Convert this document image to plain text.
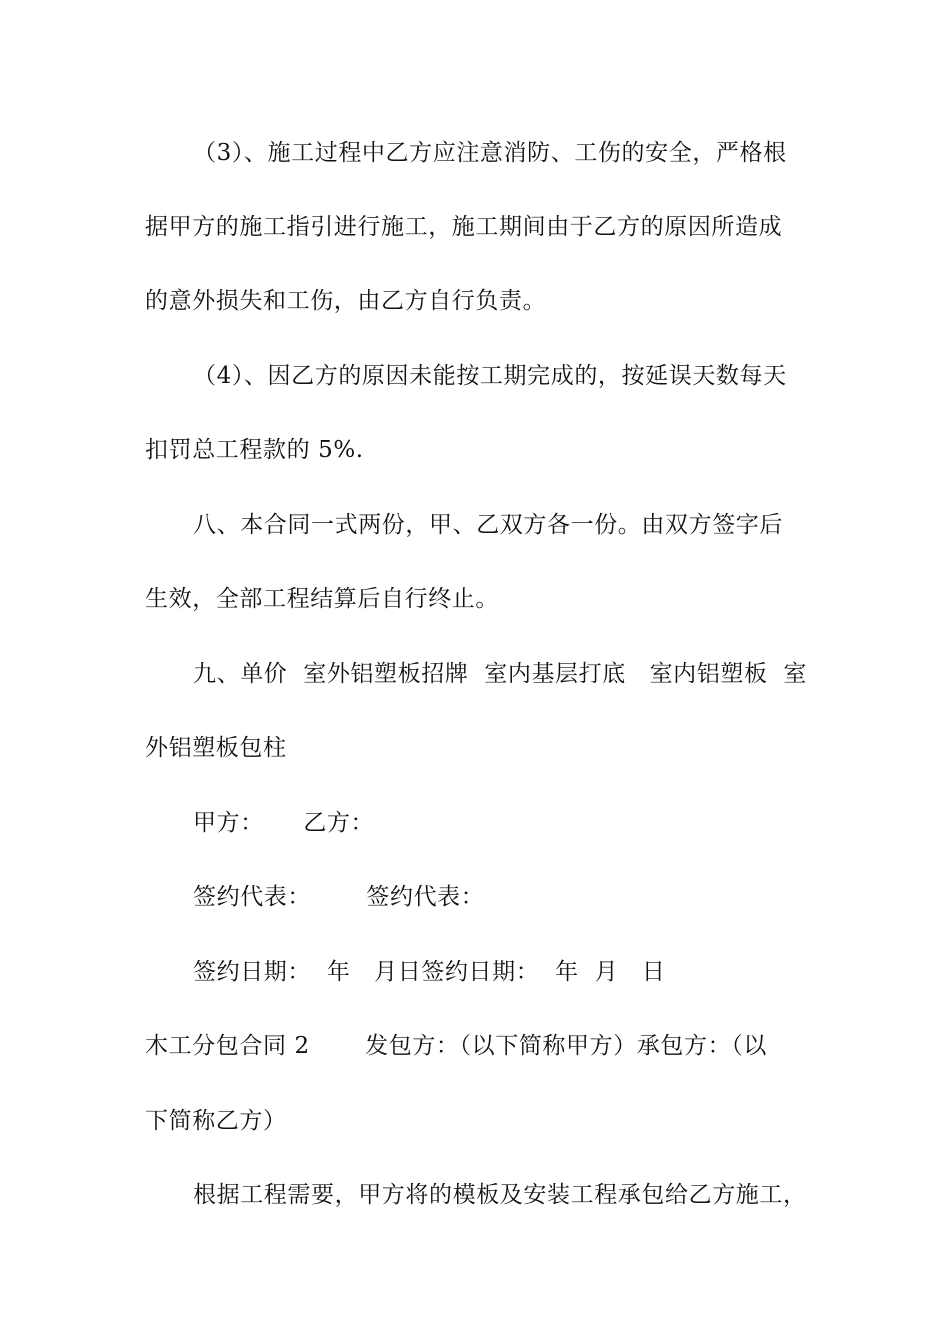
（3）、施工过程中乙方应注意消防、工伤的安全，严格根
据甲方的施工指引进行施工，施工期间由于乙方的原因所造成
的意外损失和工伤，由乙方自行负责。
（4）、因乙方的原因未能按工期完成的，按延误天数每天
扣罚总工程款的 5%.
八、本合同一式两份，甲、乙双方各一份。由双方签字后
生效，全部工程结算后自行终止。
九、单价  室外铝塑板招牌  室内基层打底   室内铝塑板  室
外铝塑板包柱
甲方：     乙方：
签约代表：       签约代表：
签约日期：  年   月日签约日期：  年  月   日
木工分包合同 2       发包方：（以下简称甲方）承包方：（以
下简称乙方）
根据工程需要，甲方将的模板及安装工程承包给乙方施工，
